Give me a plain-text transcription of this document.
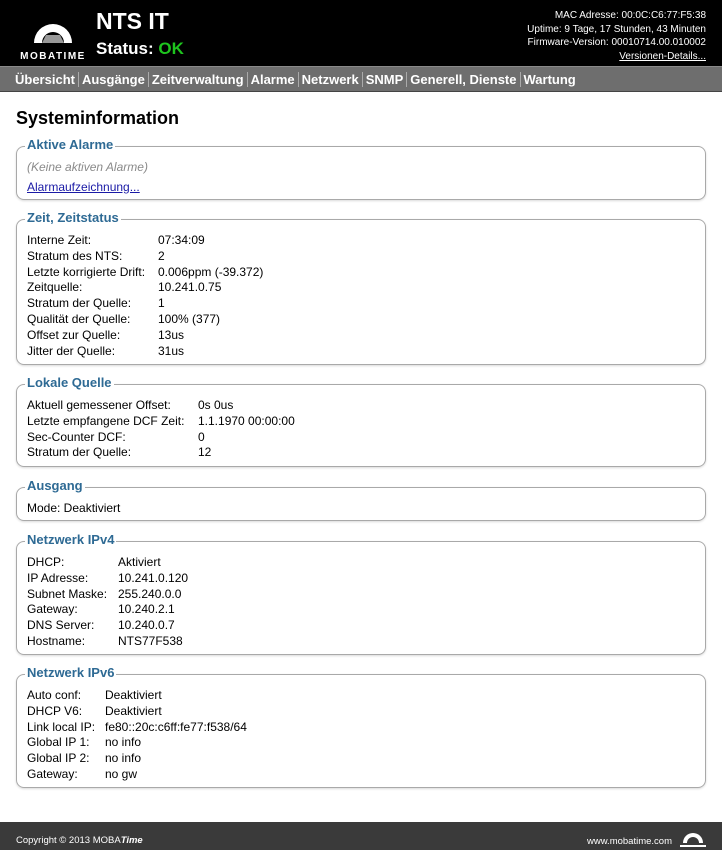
MOBATIME
NTS IT
Status: OK
MAC Adresse: 00:0C:C6:77:F5:38
Uptime: 9 Tage, 17 Stunden, 43 Minuten
Firmware-Version: 00010714.00.010002
Versionen-Details...
Übersicht Ausgänge Zeitverwaltung Alarme Netzwerk SNMP Generell, Dienste Wartung
Systeminformation
Aktive Alarme
(Keine aktiven Alarme)
Alarmaufzeichnung...
Zeit, Zeitstatus
Interne Zeit:	07:34:09
Stratum des NTS:	2
Letzte korrigierte Drift:	0.006ppm (-39.372)
Zeitquelle:	10.241.0.75
Stratum der Quelle:	1
Qualität der Quelle:	100% (377)
Offset zur Quelle:	13us
Jitter der Quelle:	31us
Lokale Quelle
Aktuell gemessener Offset:	0s 0us
Letzte empfangene DCF Zeit:	1.1.1970 00:00:00
Sec-Counter DCF:	0
Stratum der Quelle:	12
Ausgang
Mode: Deaktiviert
Netzwerk IPv4
DHCP:	Aktiviert
IP Adresse:	10.241.0.120
Subnet Maske:	255.240.0.0
Gateway:	10.240.2.1
DNS Server:	10.240.0.7
Hostname:	NTS77F538
Netzwerk IPv6
Auto conf:	Deaktiviert
DHCP V6:	Deaktiviert
Link local IP:	fe80::20c:c6ff:fe77:f538/64
Global IP 1:	no info
Global IP 2:	no info
Gateway:	no gw
Copyright © 2013 MOBATime	www.mobatime.com
